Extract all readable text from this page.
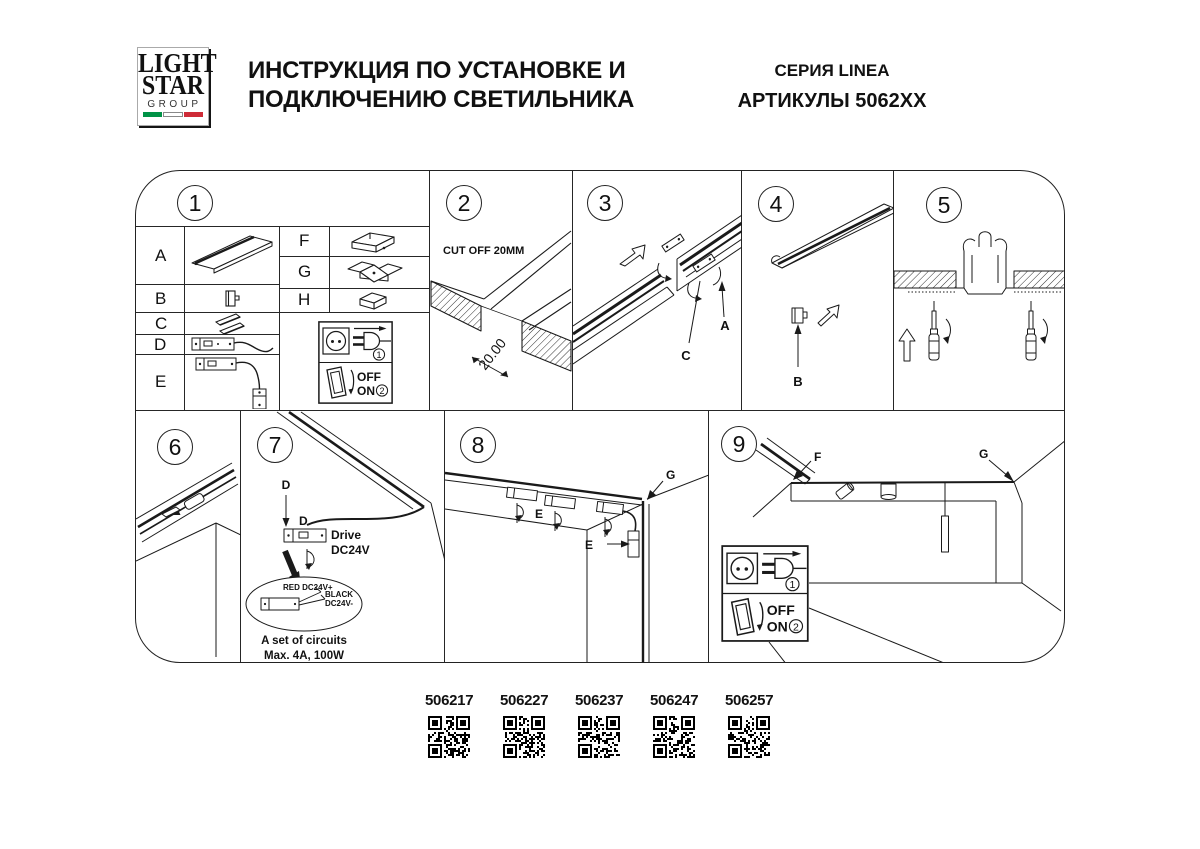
LIGHT
STAR
GROUP
ИНСТРУКЦИЯ ПО УСТАНОВКЕ И
ПОДКЛЮЧЕНИЮ СВЕТИЛЬНИКА
СЕРИЯ LINEA
АРТИКУЛЫ 5062XX
1
A
B
C
D
E
F
G
H
1
OFF
ON 2
2
CUT OFF 20MM
20.00
3
C
A
4
B
5
6	7
D
D
Drive
DC24V
RED DC24V+
BLACK
DC24V-
A set of circuits
Max. 4A, 100W
8
E
E
G
9
F	G
1
OFF
ON 2
506217 506227 506237 506247 506257
